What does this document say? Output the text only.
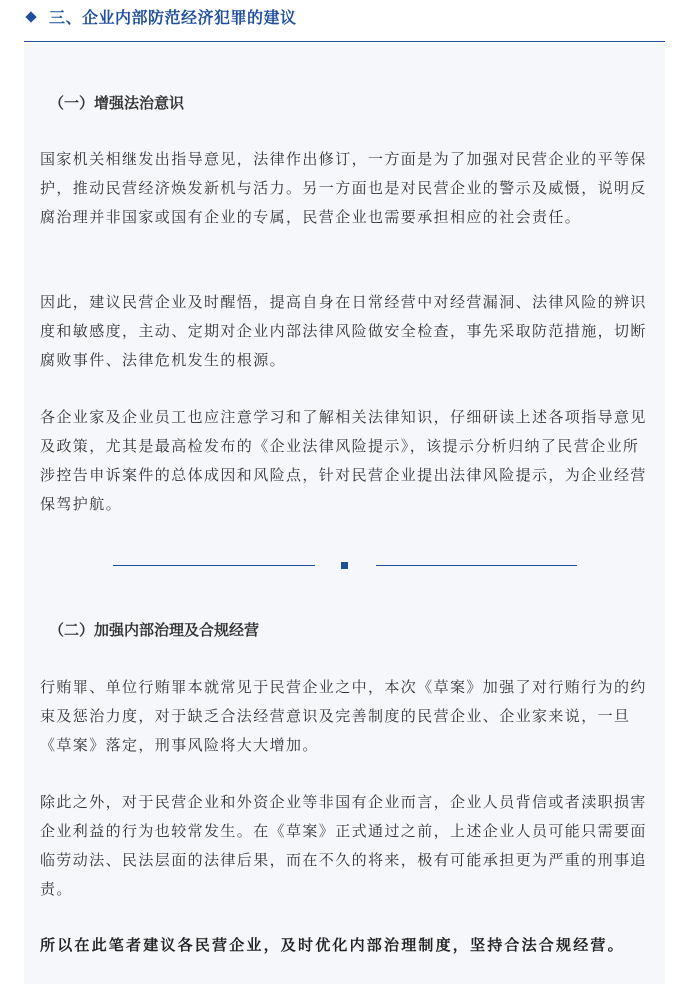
三、企业内部防范经济犯罪的建议
（一）增强法治意识
国家机关相继发出指导意见，法律作出修订，一方面是为了加强对民营企业的平等保护，推动民营经济焕发新机与活力。另一方面也是对民营企业的警示及威慑，说明反腐治理并非国家或国有企业的专属，民营企业也需要承担相应的社会责任。
因此，建议民营企业及时醒悟，提高自身在日常经营中对经营漏洞、法律风险的辨识度和敏感度，主动、定期对企业内部法律风险做安全检查，事先采取防范措施，切断腐败事件、法律危机发生的根源。
各企业家及企业员工也应注意学习和了解相关法律知识，仔细研读上述各项指导意见及政策，尤其是最高检发布的《企业法律风险提示》，该提示分析归纳了民营企业所涉控告申诉案件的总体成因和风险点，针对民营企业提出法律风险提示，为企业经营保驾护航。
（二）加强内部治理及合规经营
行贿罪、单位行贿罪本就常见于民营企业之中，本次《草案》加强了对行贿行为的约束及惩治力度，对于缺乏合法经营意识及完善制度的民营企业、企业家来说，一旦《草案》落定，刑事风险将大大增加。
除此之外，对于民营企业和外资企业等非国有企业而言，企业人员背信或者渎职损害企业利益的行为也较常发生。在《草案》正式通过之前，上述企业人员可能只需要面临劳动法、民法层面的法律后果，而在不久的将来，极有可能承担更为严重的刑事追责。
所以在此笔者建议各民营企业，及时优化内部治理制度，坚持合法合规经营。
